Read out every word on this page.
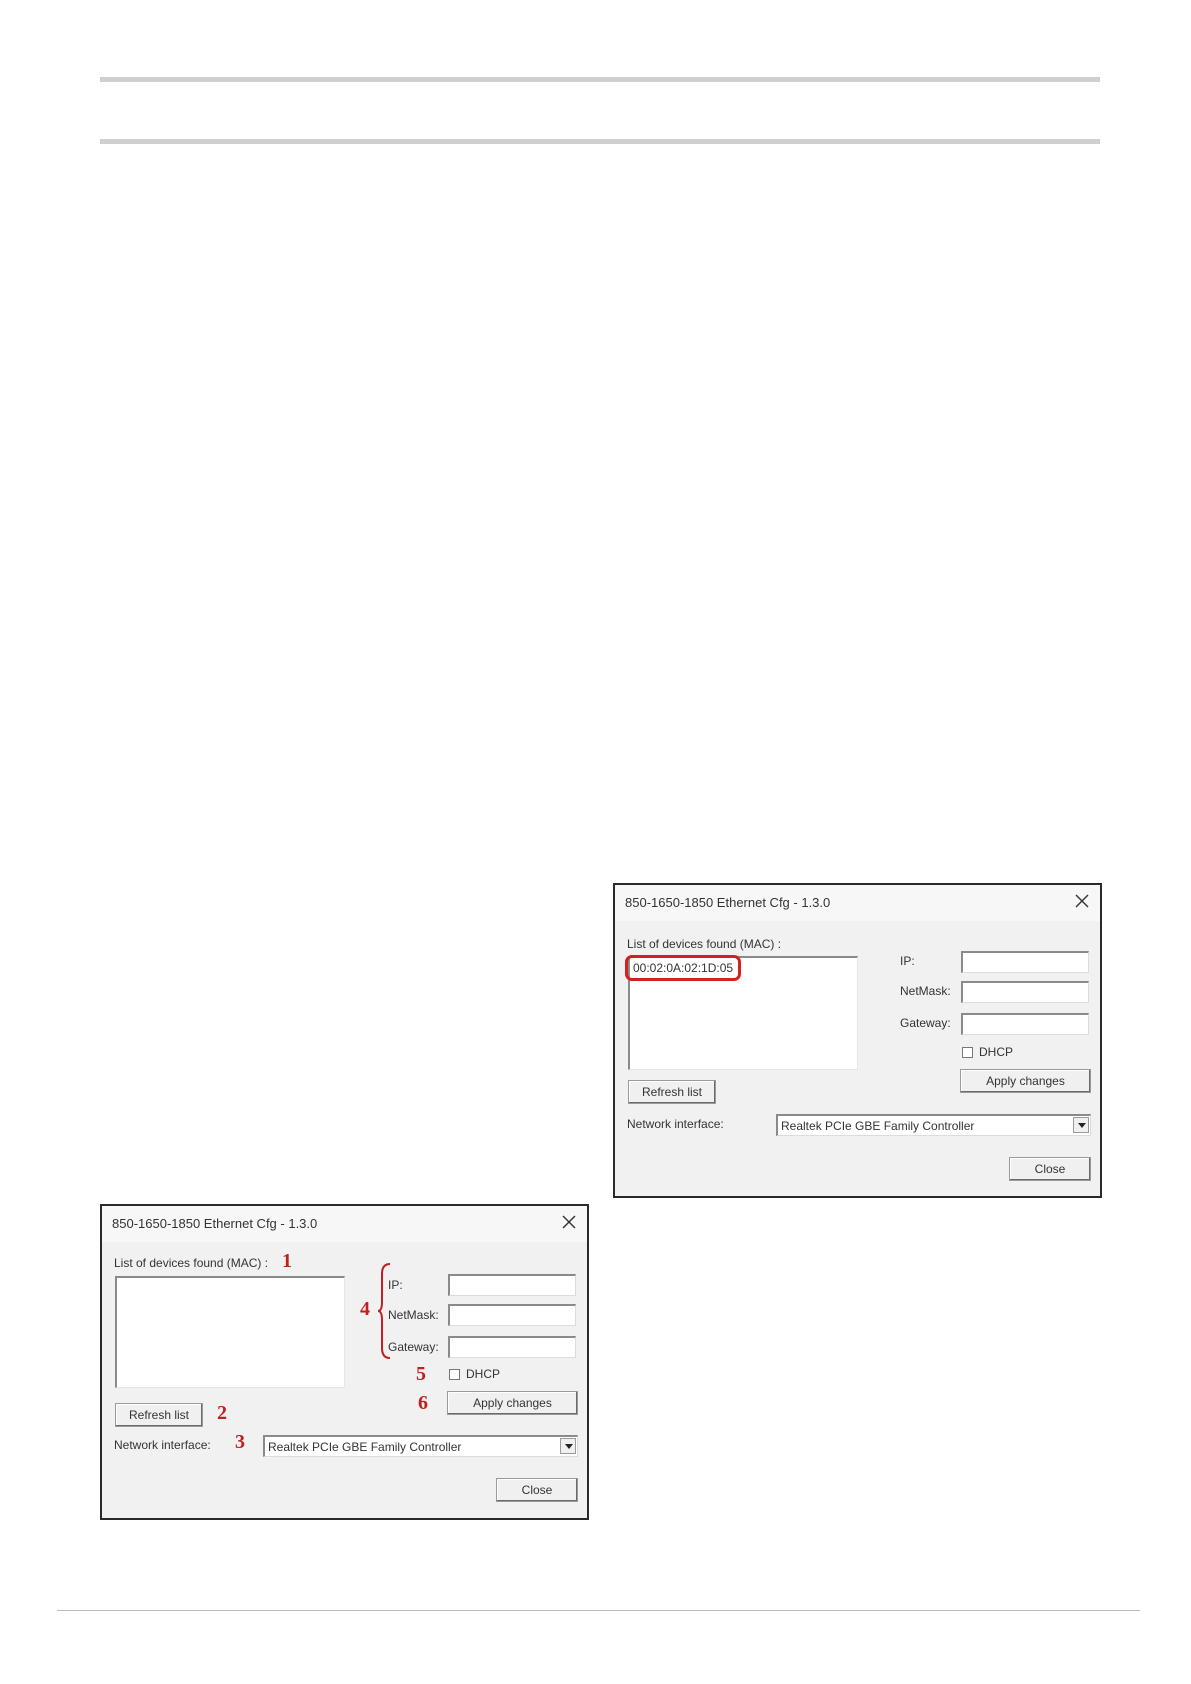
850-1650-1850 Ethernet Cfg - 1.3.0
List of devices found (MAC) :
00:02:0A:02:1D:05	IP:
NetMask:
Gateway:
DHCP
Apply changes
Refresh list
Network interface:	Realtek PCIe GBE Family Controller
Close
850-1650-1850 Ethernet Cfg - 1.3.0
List of devices found (MAC) : 1
4
IP:
NetMask:
Gateway:
5	DHCP
6	Apply changes
Refresh list	2
Network interface: 3 Realtek PCIe GBE Family Controller
Close
